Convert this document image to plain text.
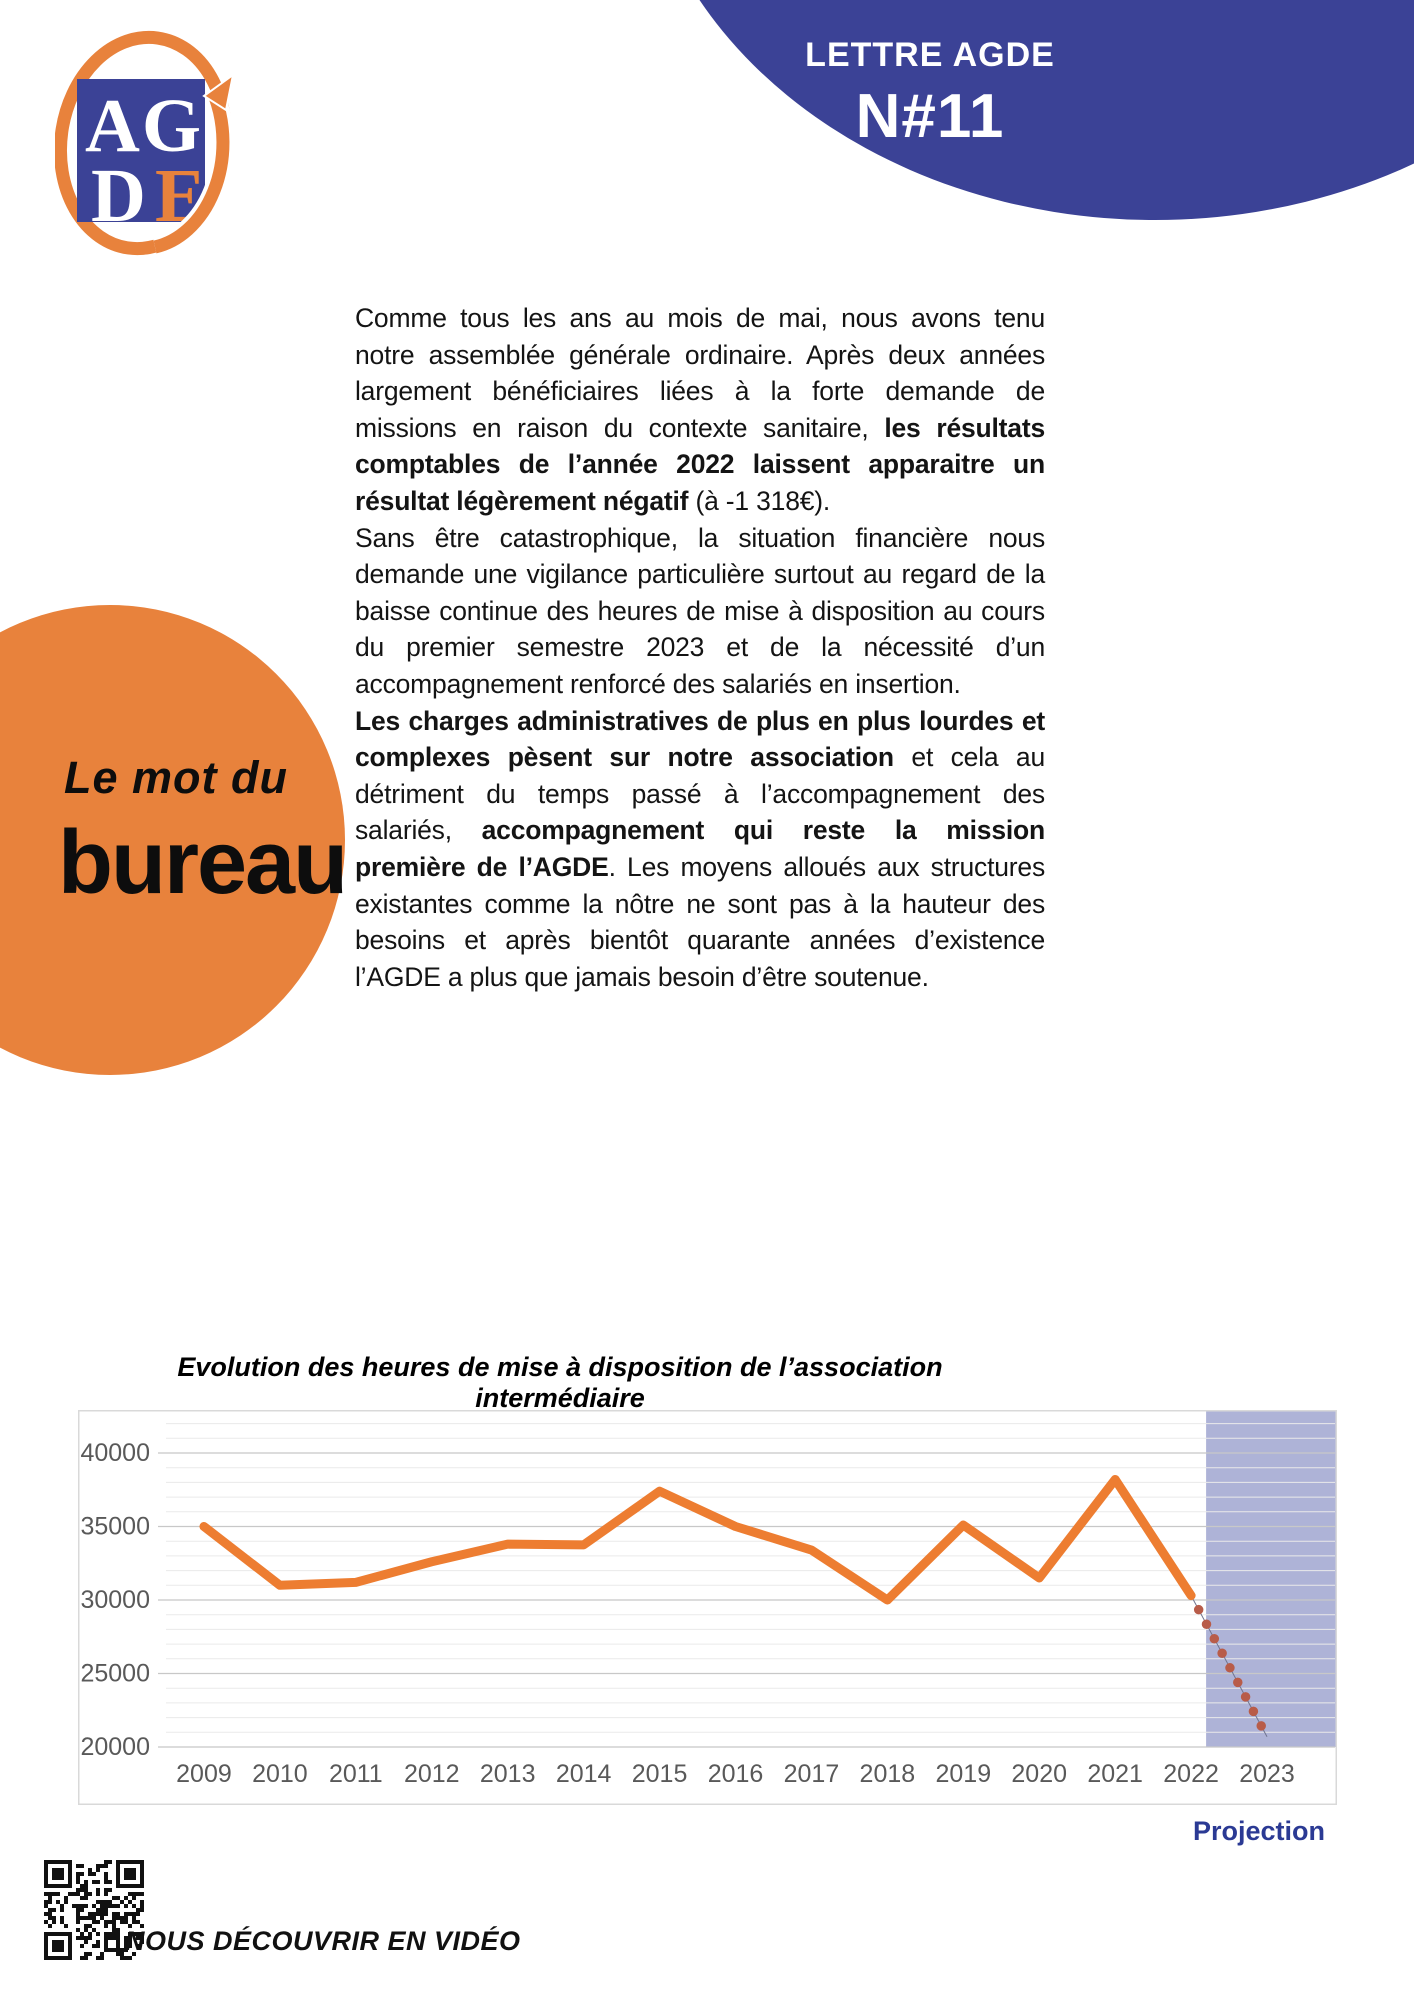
AG
D E
LETTRE AGDE
N#11
Le mot du
bureau

Comme tous les ans au mois de mai, nous avons tenu notre assemblée générale ordinaire. Après deux années largement bénéficiaires liées à la forte demande de missions en raison du contexte sanitaire, les résultats comptables de l’année 2022 laissent apparaitre un résultat légèrement négatif (à -1 318€).

Sans être catastrophique, la situation financière nous demande une vigilance particulière surtout au regard de la baisse continue des heures de mise à disposition au cours du premier semestre 2023 et de la nécessité d’un accompagnement renforcé des salariés en insertion.

Les charges administratives de plus en plus lourdes et complexes pèsent sur notre association et cela au détriment du temps passé à l’accompagnement des salariés, accompagnement qui reste la mission première de l’AGDE. Les moyens alloués aux structures existantes comme la nôtre ne sont pas à la hauteur des besoins et après bientôt quarante années d’existence l’AGDE a plus que jamais besoin d’être soutenue.

Evolution des heures de mise à disposition de l’association intermédiaire
20000
25000
30000
35000
40000
2009 2010 2011 2012 2013 2014 2015 2016 2017 2018 2019 2020 2021 2022 2023
Projection
NOUS DÉCOUVRIR EN VIDÉO
